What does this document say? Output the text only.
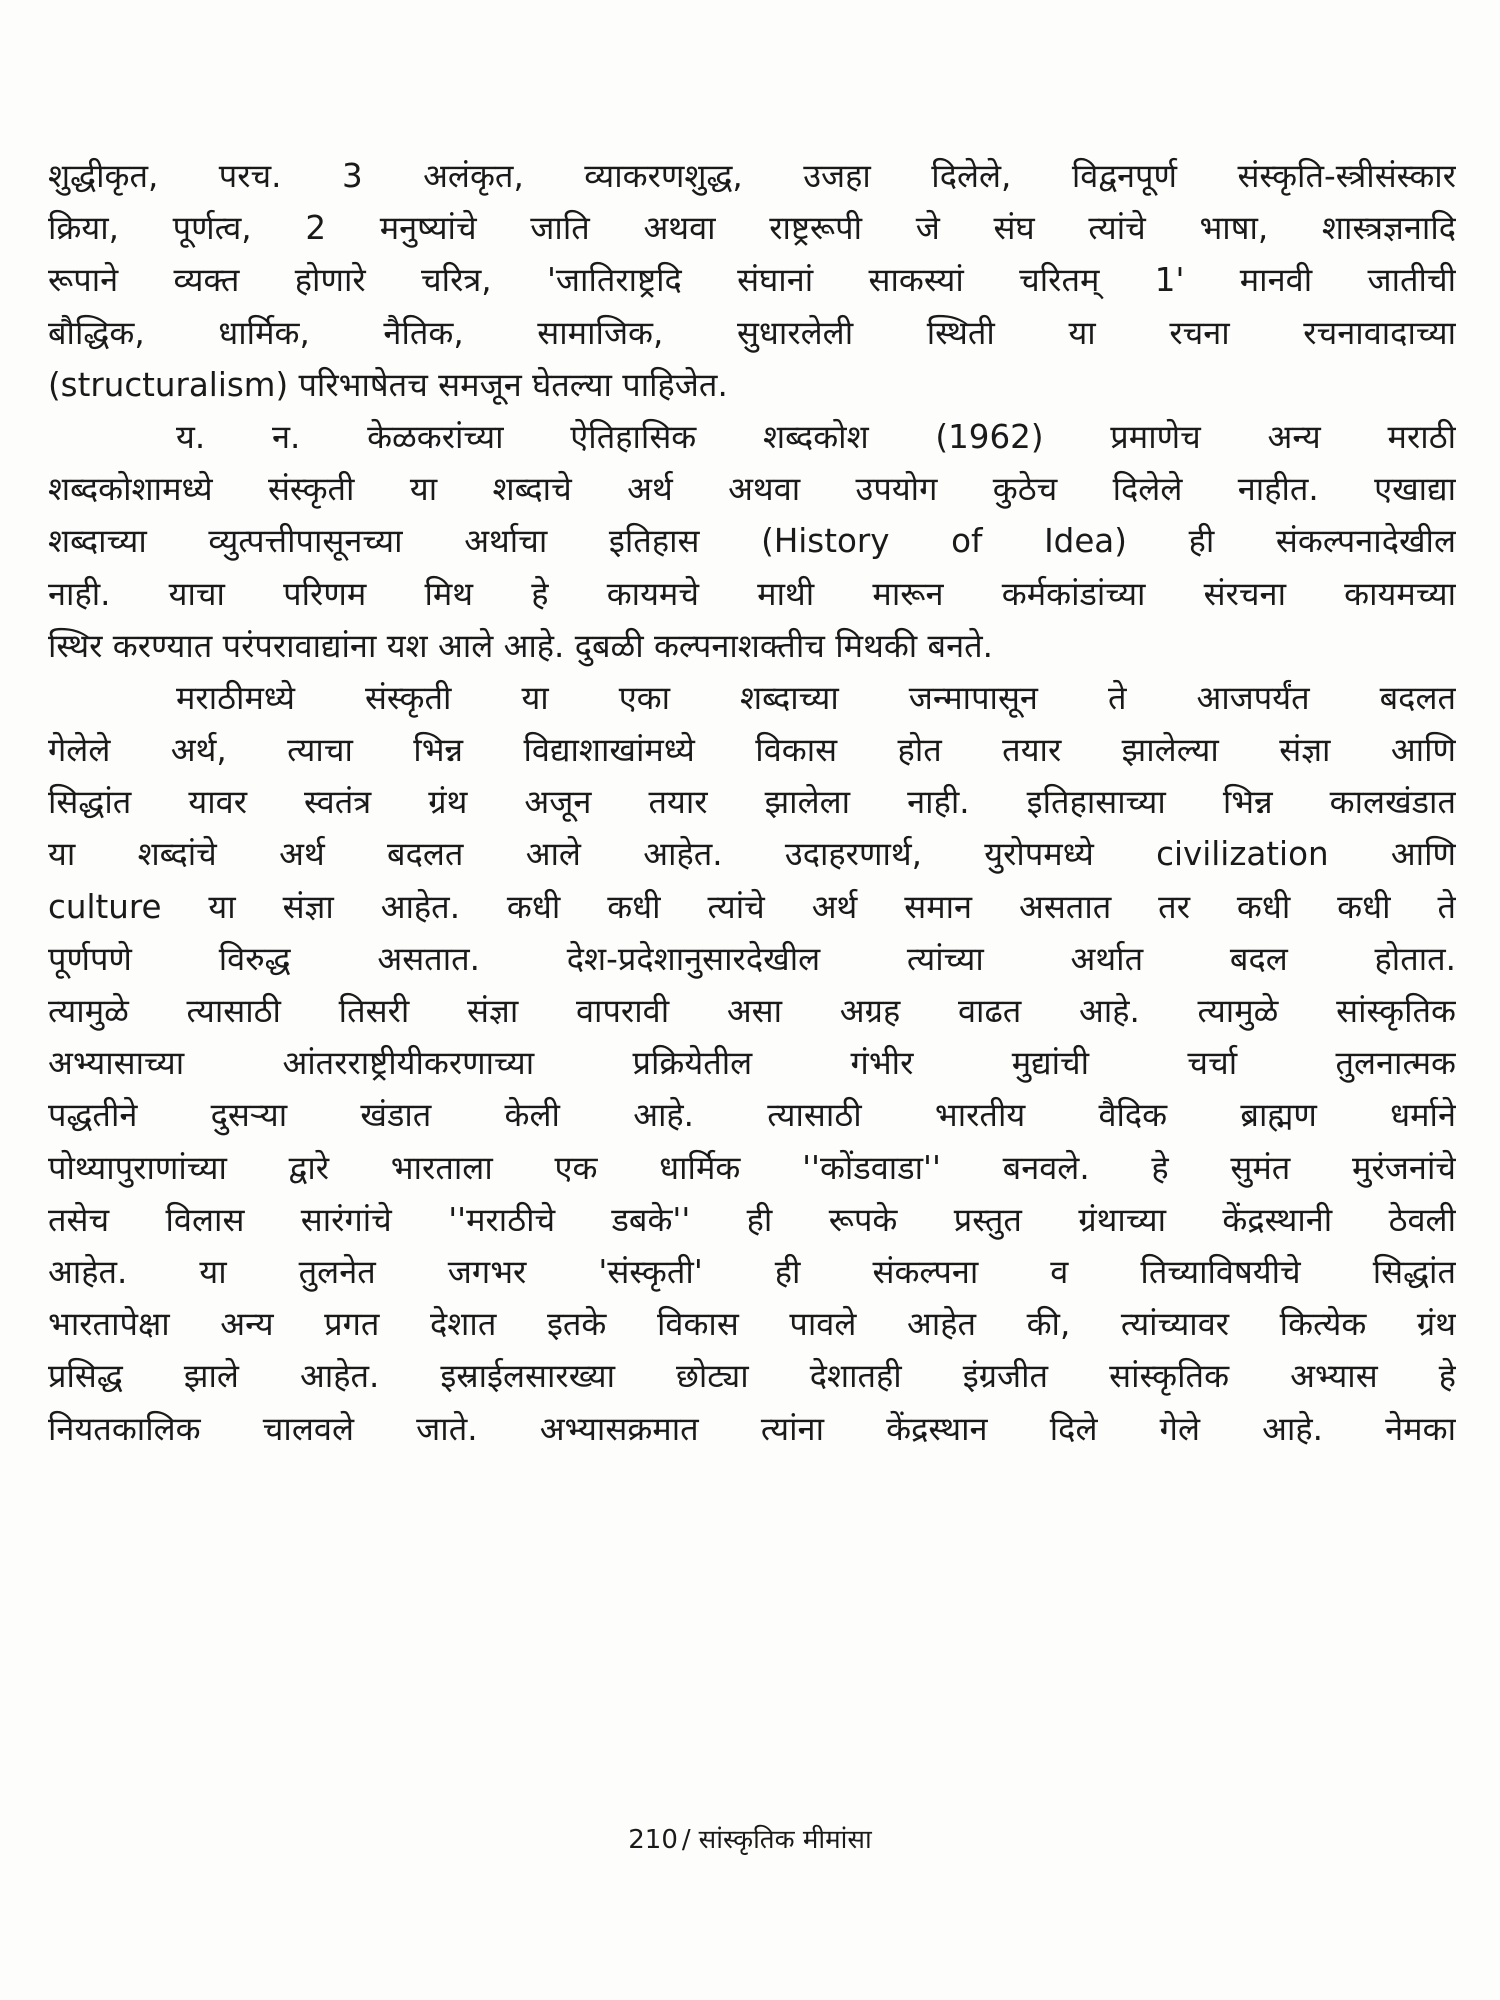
शुद्धीकृत, परच. 3 अलंकृत, व्याकरणशुद्ध, उजहा दिलेले, विद्वनपूर्ण संस्कृति-स्त्रीसंस्कार
क्रिया, पूर्णत्व, 2 मनुष्यांचे जाति अथवा राष्ट्ररूपी जे संघ त्यांचे भाषा, शास्त्रज्ञनादि
रूपाने व्यक्त होणारे चरित्र, 'जातिराष्ट्रदि संघानां साकस्यां चरितम् 1' मानवी जातीची
बौद्धिक, धार्मिक, नैतिक, सामाजिक, सुधारलेली स्थिती या रचना रचनावादाच्या
(structuralism) परिभाषेतच समजून घेतल्या पाहिजेत.
य. न. केळकरांच्या ऐतिहासिक शब्दकोश (1962) प्रमाणेच अन्य मराठी
शब्दकोशामध्ये संस्कृती या शब्दाचे अर्थ अथवा उपयोग कुठेच दिलेले नाहीत. एखाद्या
शब्दाच्या व्युत्पत्तीपासूनच्या अर्थाचा इतिहास (History of Idea) ही संकल्पनादेखील
नाही. याचा परिणम मिथ हे कायमचे माथी मारून कर्मकांडांच्या संरचना कायमच्या
स्थिर करण्यात परंपरावाद्यांना यश आले आहे. दुबळी कल्पनाशक्तीच मिथकी बनते.
मराठीमध्ये संस्कृती या एका शब्दाच्या जन्मापासून ते आजपर्यंत बदलत
गेलेले अर्थ, त्याचा भिन्न विद्याशाखांमध्ये विकास होत तयार झालेल्या संज्ञा आणि
सिद्धांत यावर स्वतंत्र ग्रंथ अजून तयार झालेला नाही. इतिहासाच्या भिन्न कालखंडात
या शब्दांचे अर्थ बदलत आले आहेत. उदाहरणार्थ, युरोपमध्ये civilization आणि
culture या संज्ञा आहेत. कधी कधी त्यांचे अर्थ समान असतात तर कधी कधी ते
पूर्णपणे विरुद्ध असतात. देश-प्रदेशानुसारदेखील त्यांच्या अर्थात बदल होतात.
त्यामुळे त्यासाठी तिसरी संज्ञा वापरावी असा अग्रह वाढत आहे. त्यामुळे सांस्कृतिक
अभ्यासाच्या आंतरराष्ट्रीयीकरणाच्या प्रक्रियेतील गंभीर मुद्यांची चर्चा तुलनात्मक
पद्धतीने दुसऱ्या खंडात केली आहे. त्यासाठी भारतीय वैदिक ब्राह्मण धर्माने
पोथ्यापुराणांच्या द्वारे भारताला एक धार्मिक ''कोंडवाडा'' बनवले. हे सुमंत मुरंजनांचे
तसेच विलास सारंगांचे ''मराठीचे डबके'' ही रूपके प्रस्तुत ग्रंथाच्या केंद्रस्थानी ठेवली
आहेत. या तुलनेत जगभर 'संस्कृती' ही संकल्पना व तिच्याविषयीचे सिद्धांत
भारतापेक्षा अन्य प्रगत देशात इतके विकास पावले आहेत की, त्यांच्यावर कित्येक ग्रंथ
प्रसिद्ध झाले आहेत. इस्राईलसारख्या छोट्या देशातही इंग्रजीत सांस्कृतिक अभ्यास हे
नियतकालिक चालवले जाते. अभ्यासक्रमात त्यांना केंद्रस्थान दिले गेले आहे. नेमका
210 / सांस्कृतिक मीमांसा
